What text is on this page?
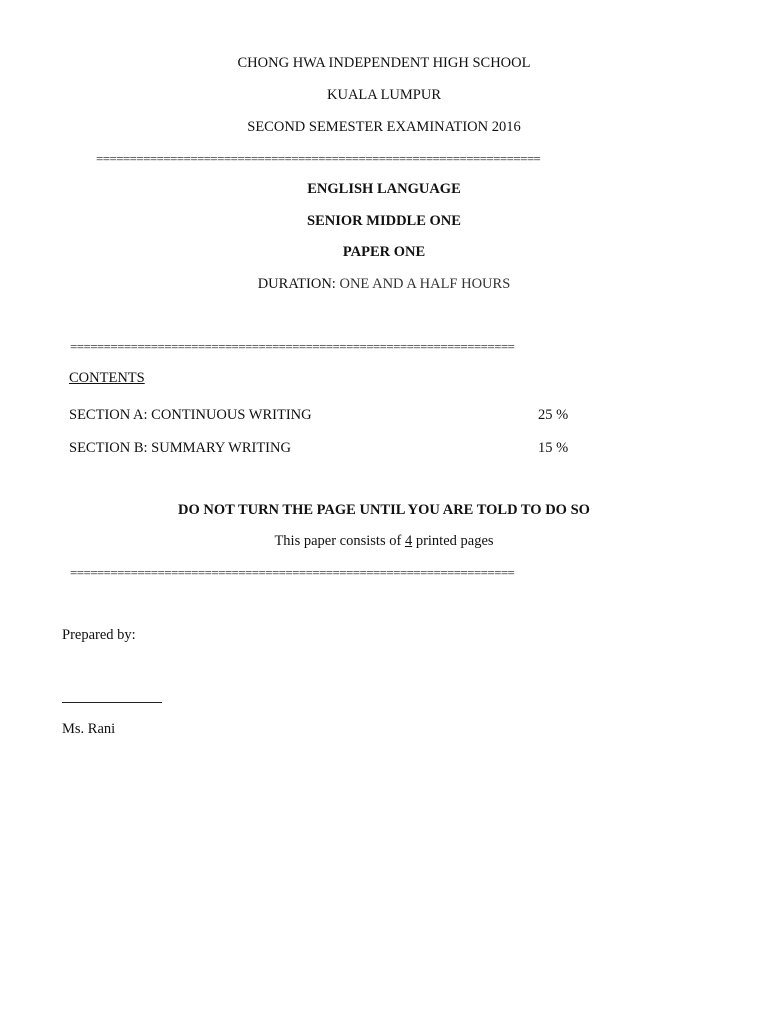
CHONG HWA INDEPENDENT HIGH SCHOOL
KUALA LUMPUR
SECOND SEMESTER EXAMINATION 2016
==================================================================
ENGLISH LANGUAGE
SENIOR MIDDLE ONE
PAPER ONE
DURATION: ONE AND A HALF HOURS
==================================================================
CONTENTS
SECTION A: CONTINUOUS WRITING	25 %
SECTION B: SUMMARY WRITING	15 %
DO NOT TURN THE PAGE UNTIL YOU ARE TOLD TO DO SO
This paper consists of 4 printed pages
==================================================================
Prepared by:
Ms. Rani
